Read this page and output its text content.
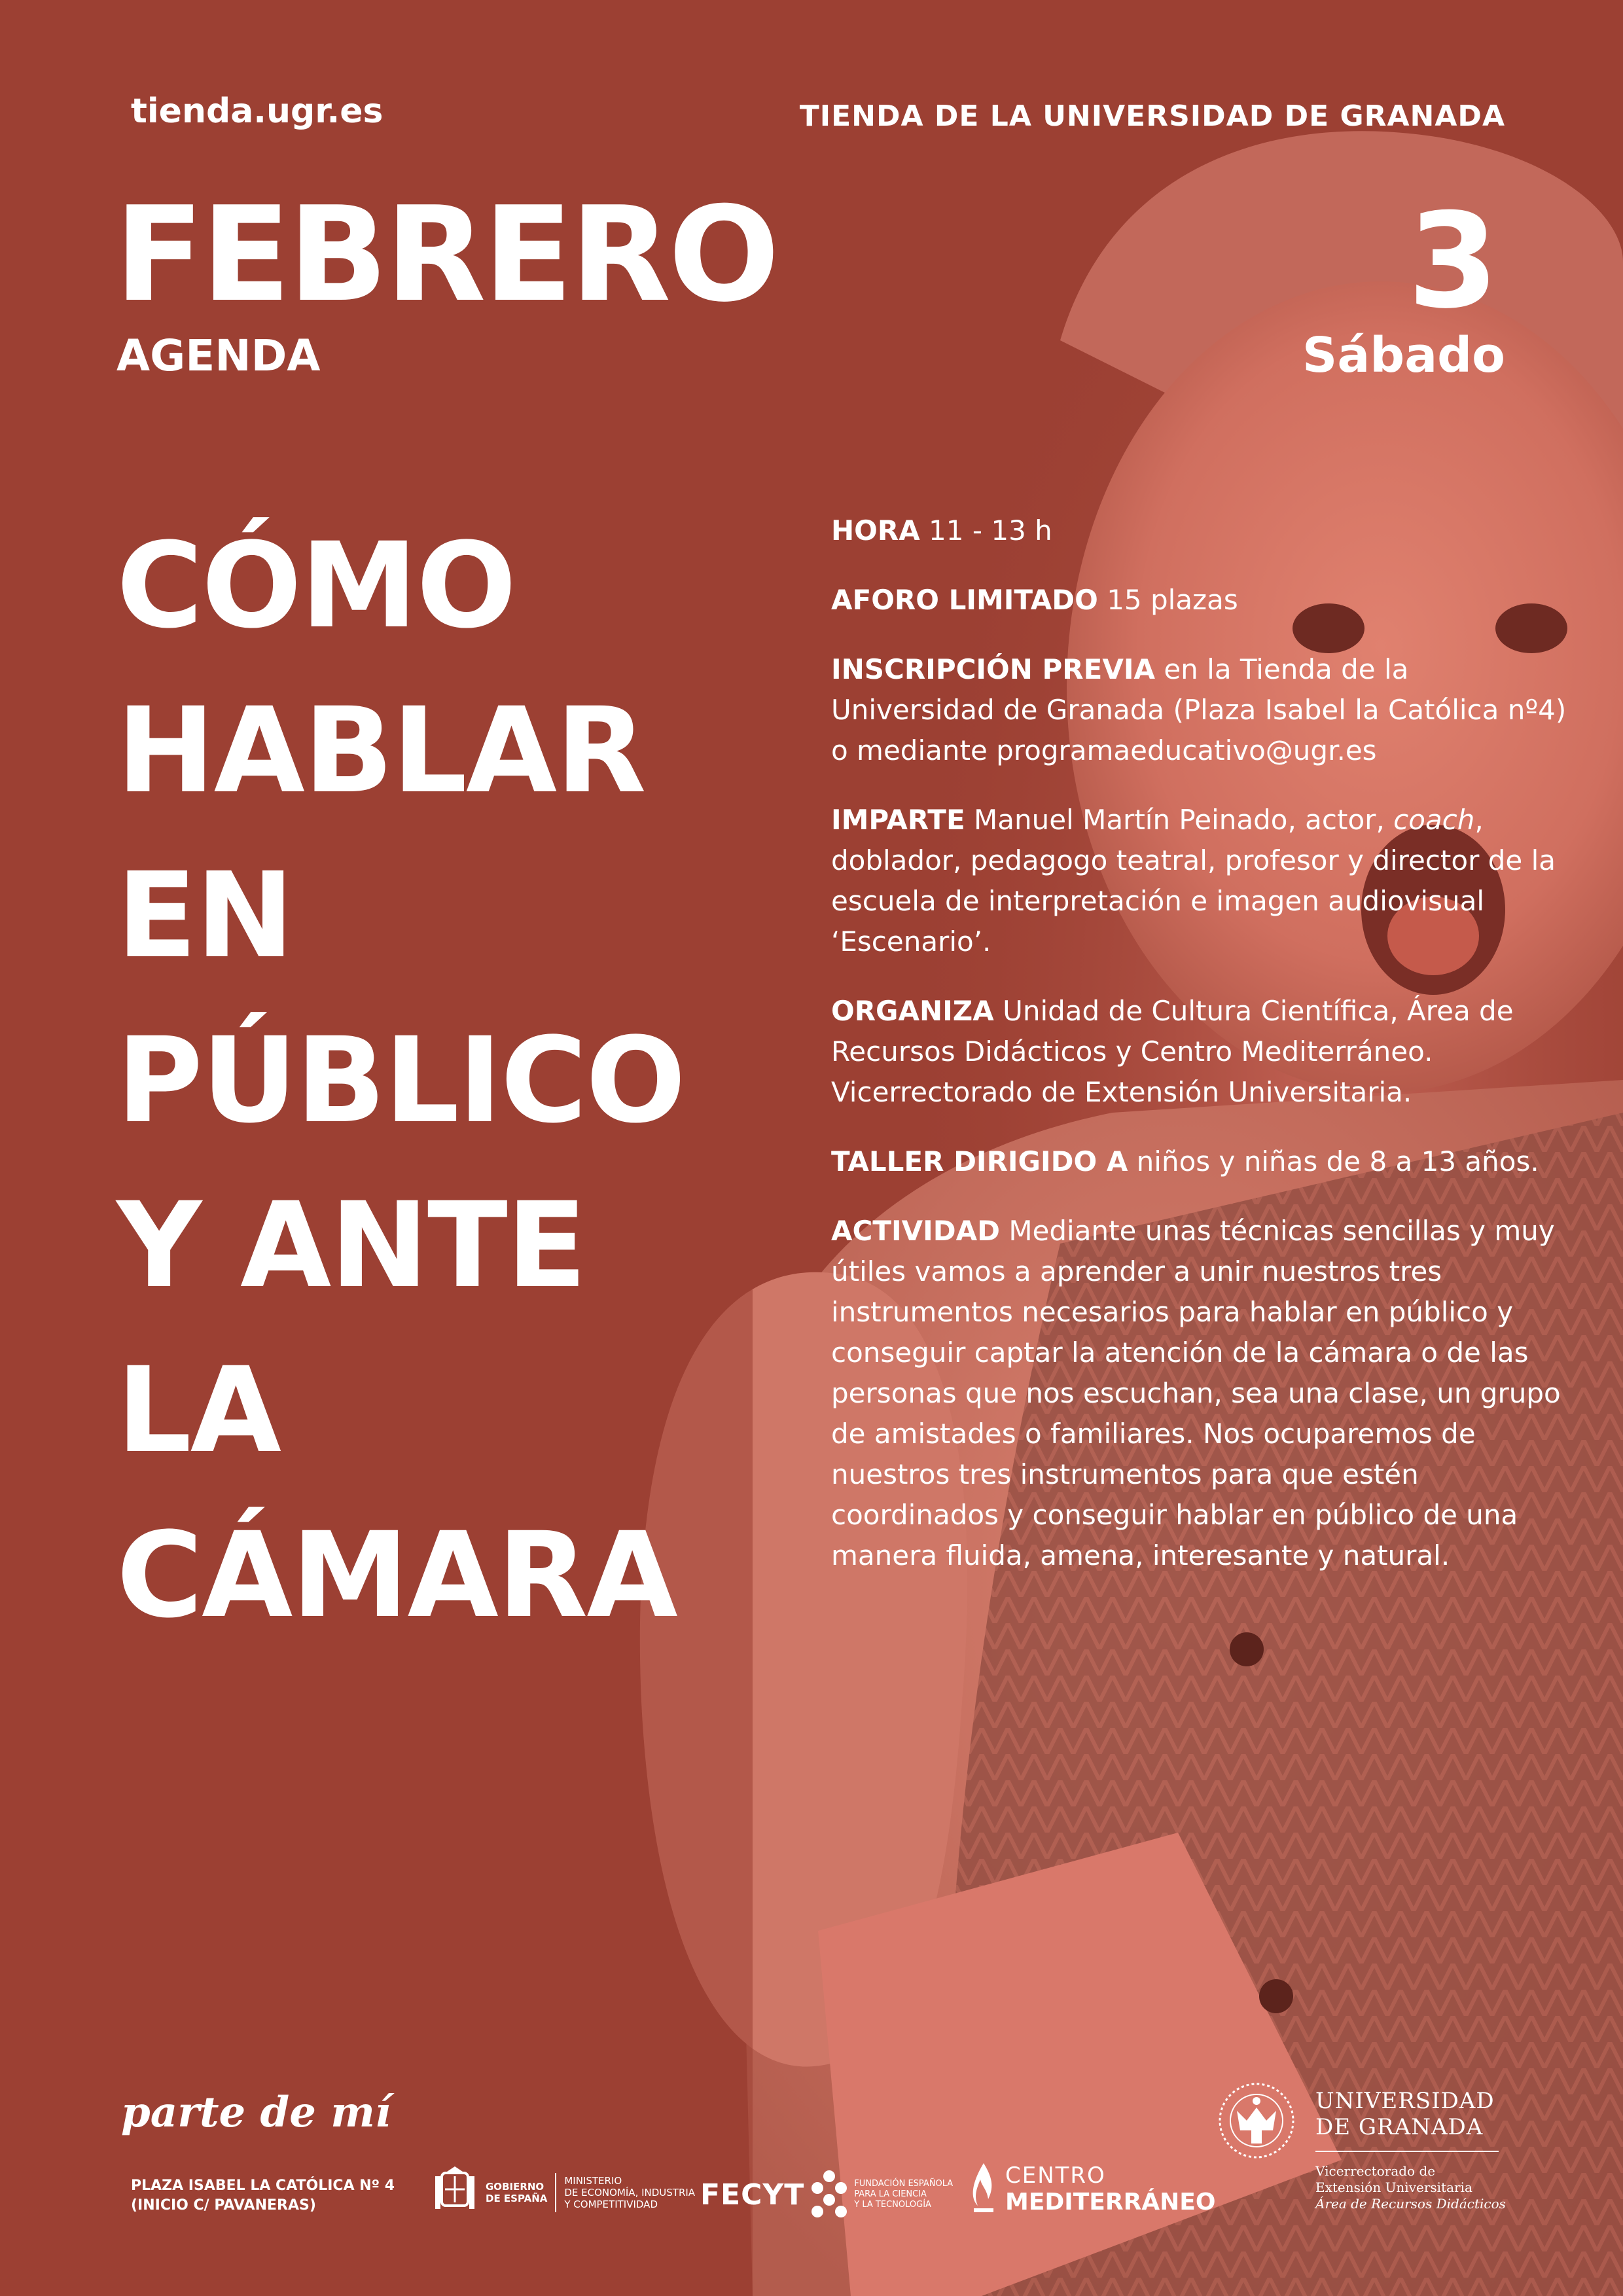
tienda.ugr.es	TIENDA DE LA UNIVERSIDAD DE GRANADA
FEBRERO
AGENDA
3
Sábado
CÓMO
HABLAR
EN
PÚBLICO
Y ANTE
LA
CÁMARA

HORA 11 - 13 h

AFORO LIMITADO 15 plazas

INSCRIPCIÓN PREVIA en la Tienda de la Universidad de Granada (Plaza Isabel la Católica nº4) o mediante programaeducativo@ugr.es

IMPARTE Manuel Martín Peinado, actor, coach, doblador, pedagogo teatral, profesor y director de la escuela de interpretación e imagen audiovisual ‘Escenario’.

ORGANIZA Unidad de Cultura Científica, Área de Recursos Didácticos y Centro Mediterráneo. Vicerrectorado de Extensión Universitaria.

TALLER DIRIGIDO A niños y niñas de 8 a 13 años.

ACTIVIDAD Mediante unas técnicas sencillas y muy útiles vamos a aprender a unir nuestros tres instrumentos necesarios para hablar en público y conseguir captar la atención de la cámara o de las personas que nos escuchan, sea una clase, un grupo de amistades o familiares. Nos ocuparemos de nuestros tres instrumentos para que estén coordinados y conseguir hablar en público de una manera fluida, amena, interesante y natural.

parte de mí
PLAZA ISABEL LA CATÓLICA Nº 4
(INICIO C/ PAVANERAS)
GOBIERNO
DE ESPAÑA
MINISTERIO
DE ECONOMÍA, INDUSTRIA
Y COMPETITIVIDAD	FECYT	FUNDACIÓN ESPAÑOLA
PARA LA CIENCIA
Y LA TECNOLOGÍA
CENTRO
MEDITERRÁNEO
UNIVERSIDAD
DE GRANADA
Vicerrectorado de
Extensión Universitaria
Área de Recursos Didácticos
